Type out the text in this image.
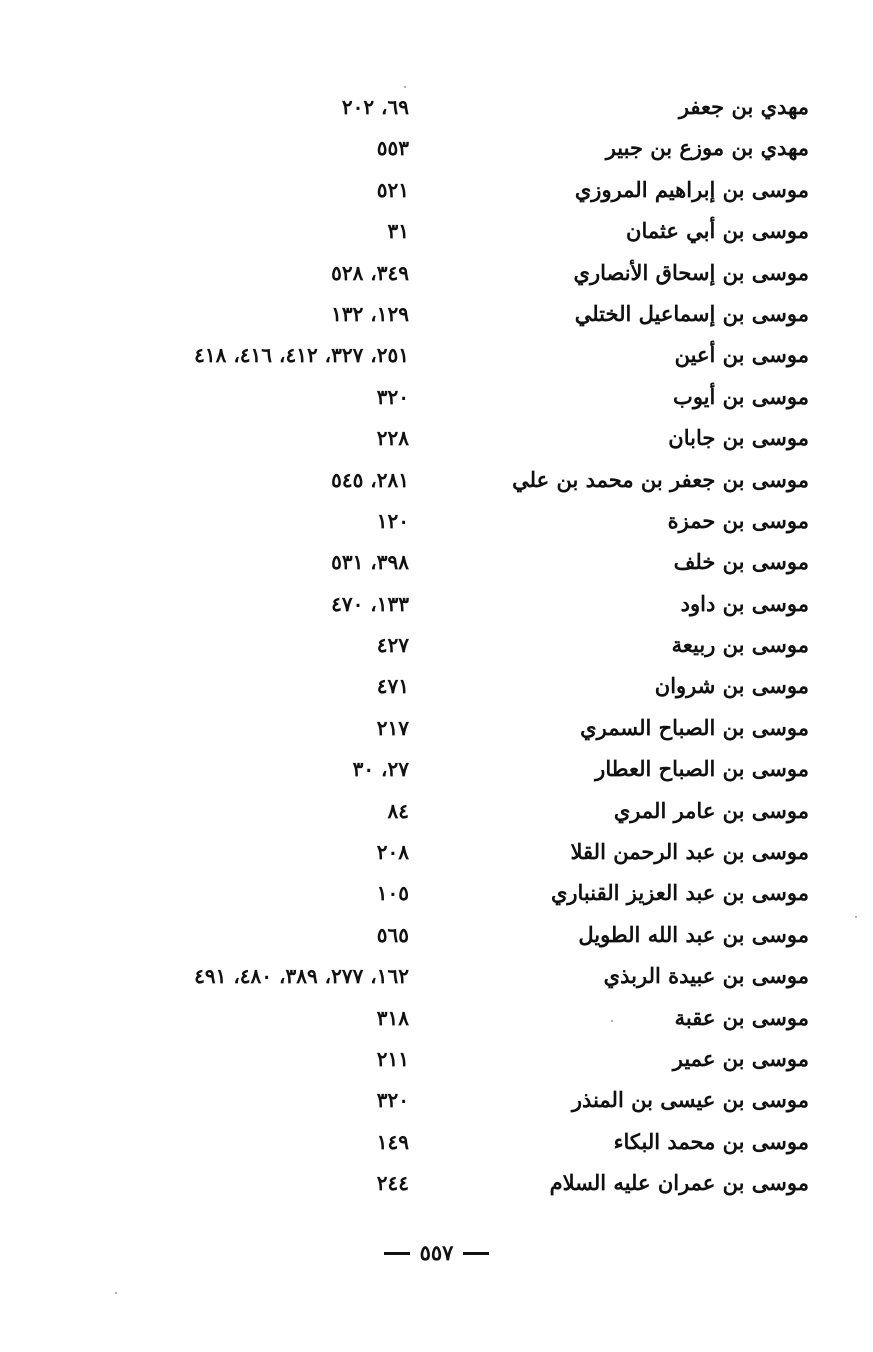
مهدي بن جعفر
٦٩، ٢٠٢
مهدي بن موزع بن جبير
٥٥٣
موسى بن إبراهيم المروزي
٥٢١
موسى بن أبي عثمان
٣١
موسى بن إسحاق الأنصاري
٣٤٩، ٥٢٨
موسى بن إسماعيل الختلي
١٢٩، ١٣٢
موسى بن أعين
٢٥١، ٣٢٧، ٤١٢، ٤١٦، ٤١٨
موسى بن أيوب
٣٢٠
موسى بن جابان
٢٢٨
موسى بن جعفر بن محمد بن علي
٢٨١، ٥٤٥
موسى بن حمزة
١٢٠
موسى بن خلف
٣٩٨، ٥٣١
موسى بن داود
١٣٣، ٤٧٠
موسى بن ربيعة
٤٢٧
موسى بن شروان
٤٧١
موسى بن الصباح السمري
٢١٧
موسى بن الصباح العطار
٢٧، ٣٠
موسى بن عامر المري
٨٤
موسى بن عبد الرحمن القلا
٢٠٨
موسى بن عبد العزيز القنباري
١٠٥
موسى بن عبد الله الطويل
٥٦٥
موسى بن عبيدة الربذي
١٦٢، ٢٧٧، ٣٨٩، ٤٨٠، ٤٩١
موسى بن عقبة
٣١٨
موسى بن عمير
٢١١
موسى بن عيسى بن المنذر
٣٢٠
موسى بن محمد البكاء
١٤٩
موسى بن عمران عليه السلام
٢٤٤
٥٥٧
